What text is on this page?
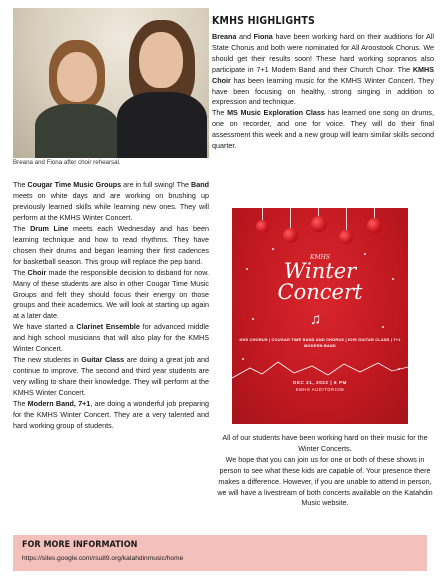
Breana and Fiona after choir rehearsal.
KMHS HIGHLIGHTS

Breana and Fiona have been working hard on their auditions for All State Chorus and both were nominated for All Aroostook Chorus. We should get their results soon! These hard working sopranos also participate in 7+1 Modern Band and their Church Choir. The KMHS Choir has been learning music for the KMHS Winter Concert. They have been focusing on healthy, strong singing in addition to expression and technique.

The MS Music Exploration Class has learned one song on drums, one on recorder, and one for voice. They will do their final assessment this week and a new group will learn similar skills second quarter.

The Cougar Time Music Groups are in full swing! The Band meets on white days and are working on brushing up previously learned skills while learning new ones. They will perform at the KMHS Winter Concert.

The Drum Line meets each Wednesday and has been learning technique and how to read rhythms. They have chosen their drums and began learning their first cadences for basketball season. This group will replace the pep band.

The Choir made the responsible decision to disband for now. Many of these students are also in other Cougar Time Music Groups and felt they should focus their energy on those groups and their academics. We will look at starting up again at a later date.

We have started a Clarinet Ensemble for advanced middle and high school musicians that will also play for the KMHS Winter Concert.

The new students in Guitar Class are doing a great job and continue to improve. The second and third year students are very willing to share their knowledge. They will perform at the KMHS Winter Concert.

The Modern Band, 7+1, are doing a wonderful job preparing for the KMHS Winter Concert. They are a very talented and hard working group of students.

KMHS
Winter
Concert
♫
KHS CHORUS | COUGAR TIME BAND AND CHORUS | KHS GUITAR CLASS | 7+1 MODERN BAND
DEC 21, 2022 | 6 PM
KMHS AUDITORIUM

All of our students have been working hard on their music for the Winter Concerts.

We hope that you can join us for one or both of these shows in person to see what these kids are capable of. Your presence there makes a difference. However, if you are unable to attend in person, we will have a livestream of both concerts available on the Katahdin Music website.

FOR MORE INFORMATION
https://sites.google.com/rsu89.org/katahdinmusic/home
